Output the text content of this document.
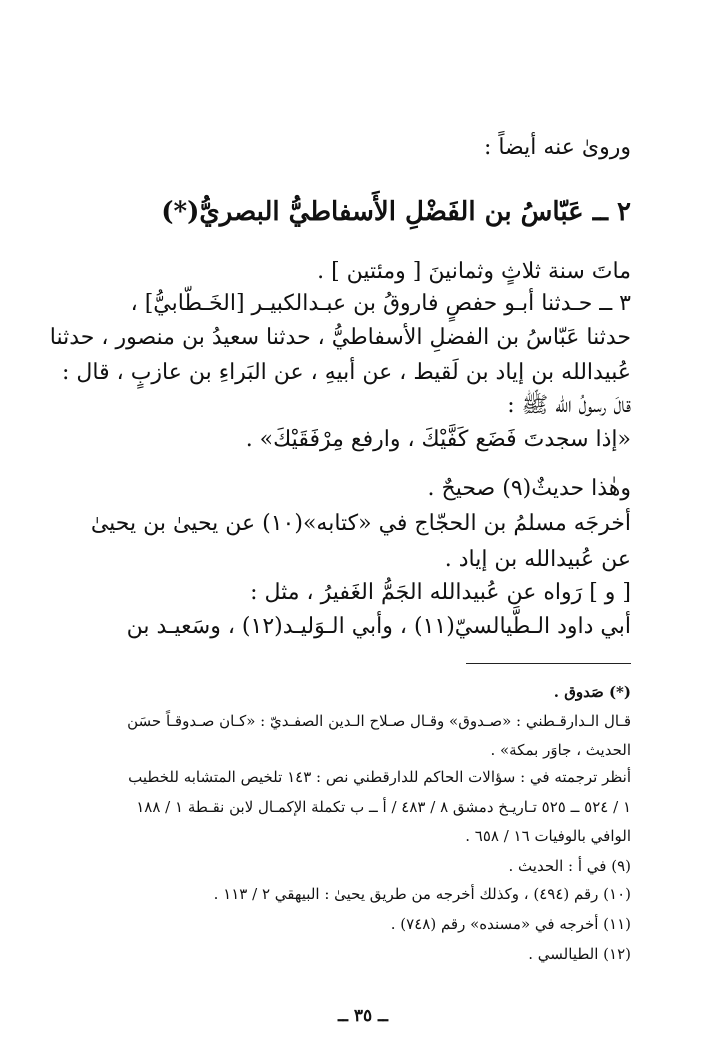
ورویٰ عنه أيضاً :
٢ ــ عَبّاسُ بن الفَضْلِ الأَسفاطيُّ البصريُّ(*)
ماتَ سنة ثلاثٍ وثمانينَ [ ومئتين ] .
٣ ــ حـدثنا أبـو حفصٍ فاروقُ بن عبـدالكبيـر [الخَـطّابيُّ] ،
حدثنا عَبّاسُ بن الفضلِ الأسفاطيُّ ، حدثنا سعيدُ بن منصور ، حدثنا
عُبيدالله بن إياد بن لَقيط ، عن أبيهِ ، عن البَراءِ بن عازبٍ ، قال :
قالَ رسولُ الله ﷺ :
«إذا سجدتَ فَضَع كَفَّيْكَ ، وارفع مِرْفَقَيْكَ» .
وهٰذا حديثٌ(٩) صحيحٌ .
أخرجَه مسلمُ بن الحجّاج في «كتابه»(١٠) عن يحيىٰ بن يحيىٰ
عن عُبيدالله بن إياد .
[ و ] رَواه عن عُبيدالله الجَمُّ الغَفيرُ ، مثل :
أبي داود الـطَّيالسيّ(١١) ، وأبي الـوَليـد(١٢) ، وسَعيـد بن
(*) صَدوق .
قـال الـدارقـطني : «صـدوق» وقـال صـلاح الـدين الصفـديّ : «كـان صـدوقـاً حسَن
الحديث ، جاوَر بمكة» .
أنظر ترجمته في : سؤالات الحاكم للدارقطني نص : ١٤٣ تلخيص المتشابه للخطيب
١ / ٥٢٤ ــ ٥٢٥ تـاريـخ دمشق ٨ / ٤٨٣ / أ ــ ب تكملة الإكمـال لابن نقـطة ١ / ١٨٨
الوافي بالوفيات ١٦ / ٦٥٨ .
(٩) في أ : الحديث .
(١٠) رقم (٤٩٤) ، وكذلك أخرجه من طريق يحيىٰ : البيهقي ٢ / ١١٣ .
(١١) أخرجه في «مسنده» رقم (٧٤٨) .
(١٢) الطيالسي .
ــ ٣٥ ــ
